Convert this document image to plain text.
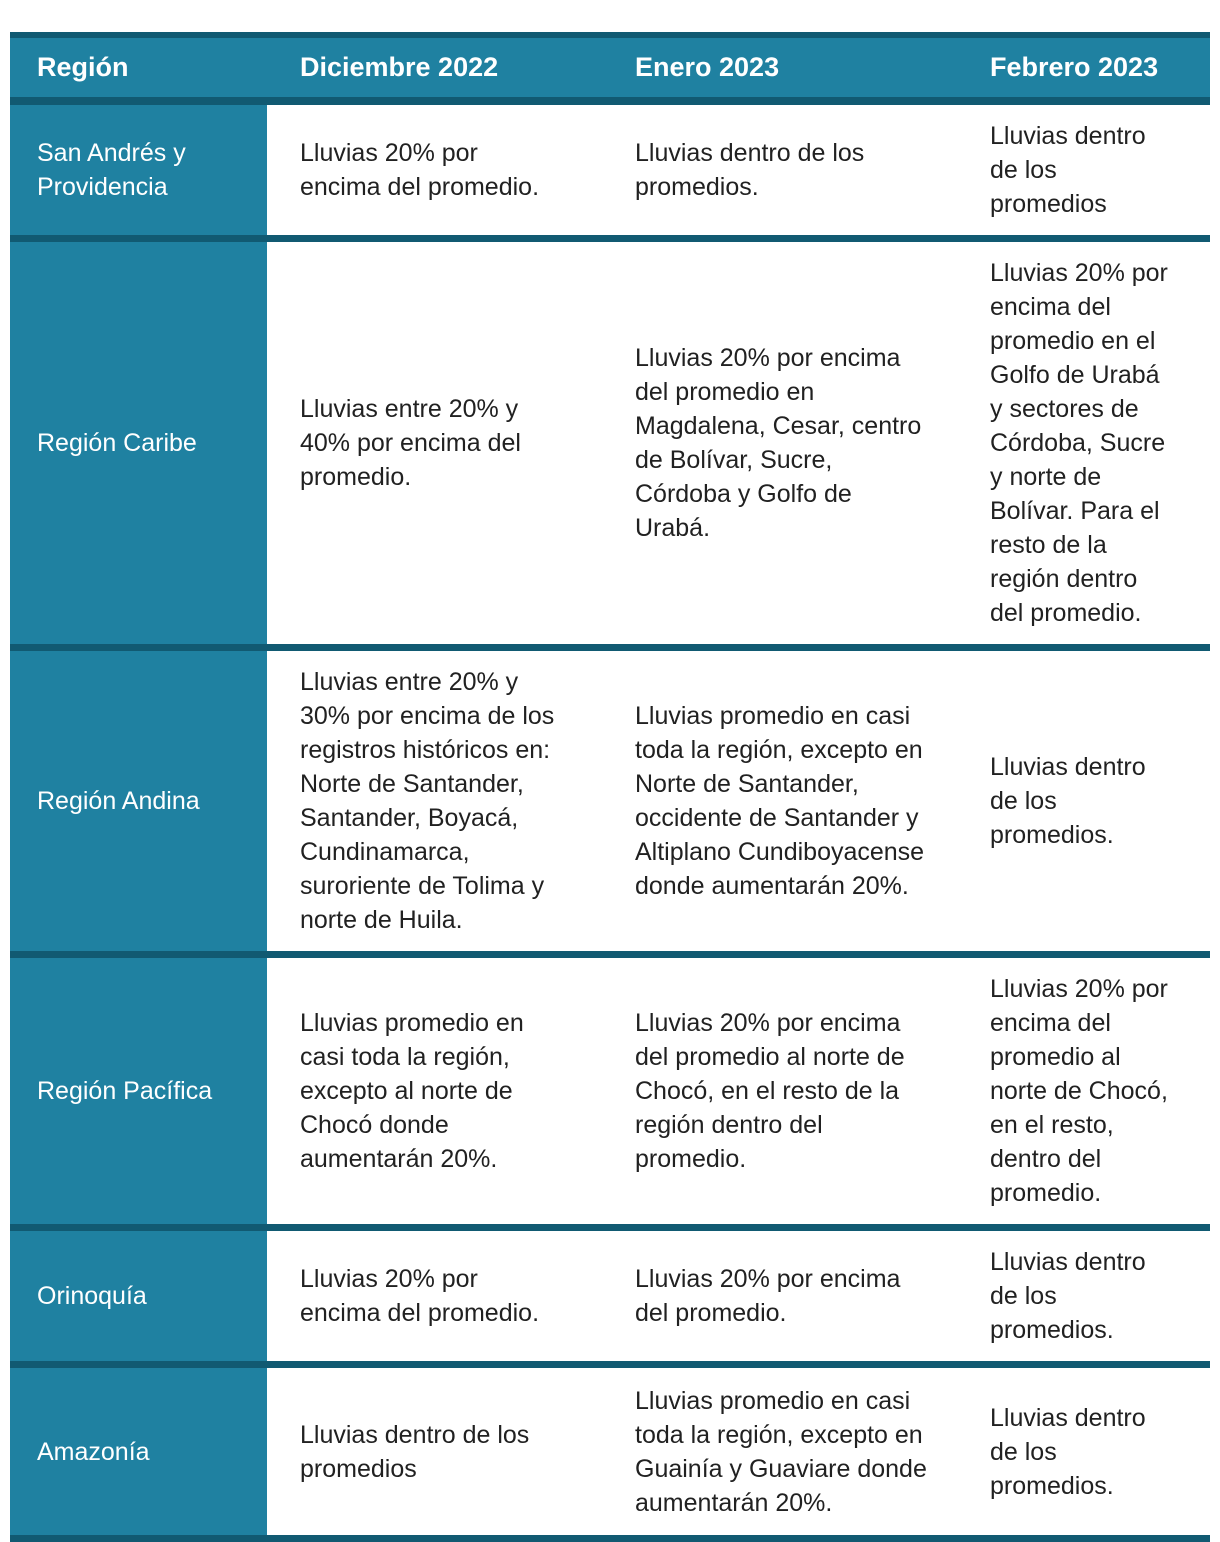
Región	Diciembre 2022	Enero 2023	Febrero 2023
San Andrés y Providencia	Lluvias 20% por encima del promedio.	Lluvias dentro de los promedios.	Lluvias dentro de los promedios
Región Caribe	Lluvias entre 20% y 40% por encima del promedio.	Lluvias 20% por encima del promedio en Magdalena, Cesar, centro de Bolívar, Sucre, Córdoba y Golfo de Urabá.	Lluvias 20% por encima del promedio en el Golfo de Urabá y sectores de Córdoba, Sucre y norte de Bolívar. Para el resto de la región dentro del promedio.
Región Andina	Lluvias entre 20% y 30% por encima de los registros históricos en: Norte de Santander, Santander, Boyacá, Cundinamarca, suroriente de Tolima y norte de Huila.	Lluvias promedio en casi toda la región, excepto en Norte de Santander, occidente de Santander y Altiplano Cundiboyacense donde aumentarán 20%.	Lluvias dentro de los promedios.
Región Pacífica	Lluvias promedio en casi toda la región, excepto al norte de Chocó donde aumentarán 20%.	Lluvias 20% por encima del promedio al norte de Chocó, en el resto de la región dentro del promedio.	Lluvias 20% por encima del promedio al norte de Chocó, en el resto, dentro del promedio.
Orinoquía	Lluvias 20% por encima del promedio.	Lluvias 20% por encima del promedio.	Lluvias dentro de los promedios.
Amazonía	Lluvias dentro de los promedios	Lluvias promedio en casi toda la región, excepto en Guainía y Guaviare donde aumentarán 20%.	Lluvias dentro de los promedios.
